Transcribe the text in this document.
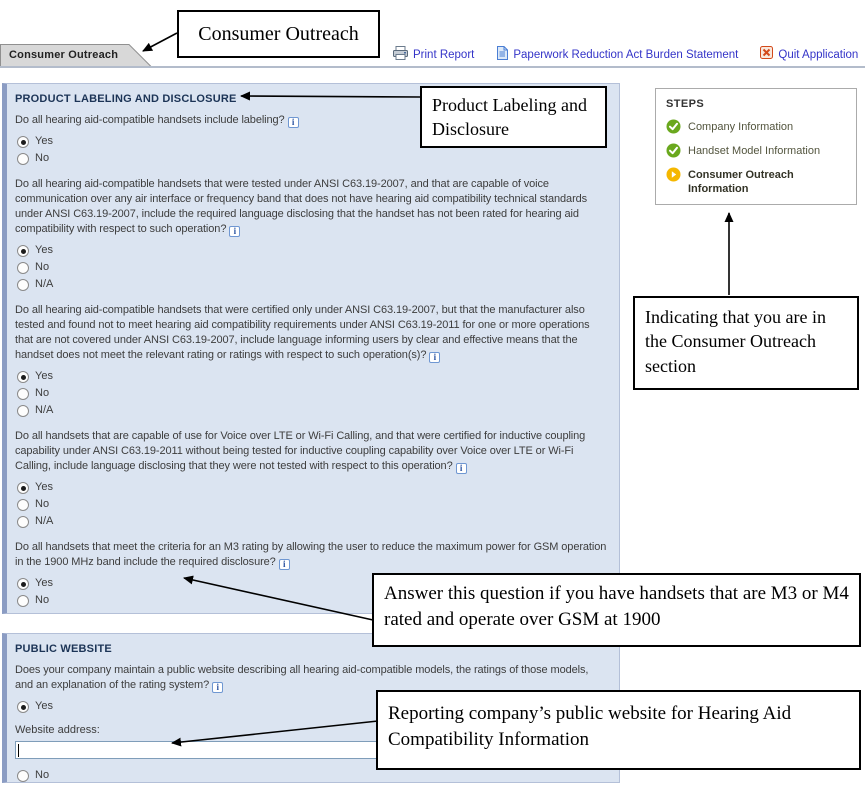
Consumer Outreach	Print Report	Paperwork Reduction Act Burden Statement	Quit Application
PRODUCT LABELING AND DISCLOSURE
Do all hearing aid-compatible handsets include labeling? i
Yes
No
Do all hearing aid-compatible handsets that were tested under ANSI C63.19-2007, and that are capable of voice communication over any air interface or frequency band that does not have hearing aid compatibility technical standards under ANSI C63.19-2007, include the required language disclosing that the handset has not been rated for hearing aid compatibility with respect to such operation? i
Yes
No
N/A
Do all hearing aid-compatible handsets that were certified only under ANSI C63.19-2007, but that the manufacturer also tested and found not to meet hearing aid compatibility requirements under ANSI C63.19-2011 for one or more operations that are not covered under ANSI C63.19-2007, include language informing users by clear and effective means that the handset does not meet the relevant rating or ratings with respect to such operation(s)? i
Yes
No
N/A
Do all handsets that are capable of use for Voice over LTE or Wi-Fi Calling, and that were certified for inductive coupling capability under ANSI C63.19-2011 without being tested for inductive coupling capability over Voice over LTE or Wi-Fi Calling, include language disclosing that they were not tested with respect to this operation? i
Yes
No
N/A
Do all handsets that meet the criteria for an M3 rating by allowing the user to reduce the maximum power for GSM operation in the 1900 MHz band include the required disclosure? i
Yes
No
PUBLIC WEBSITE
Does your company maintain a public website describing all hearing aid-compatible models, the ratings of those models, and an explanation of the rating system? i
Yes
Website address:
No
STEPS
Company Information
Handset Model Information
Consumer Outreach Information
Consumer Outreach
Product Labeling and Disclosure
Indicating that you are in the Consumer Outreach section
Answer this question if you have handsets that are M3 or M4 rated and operate over GSM at 1900
Reporting company’s public website for Hearing Aid Compatibility Information
